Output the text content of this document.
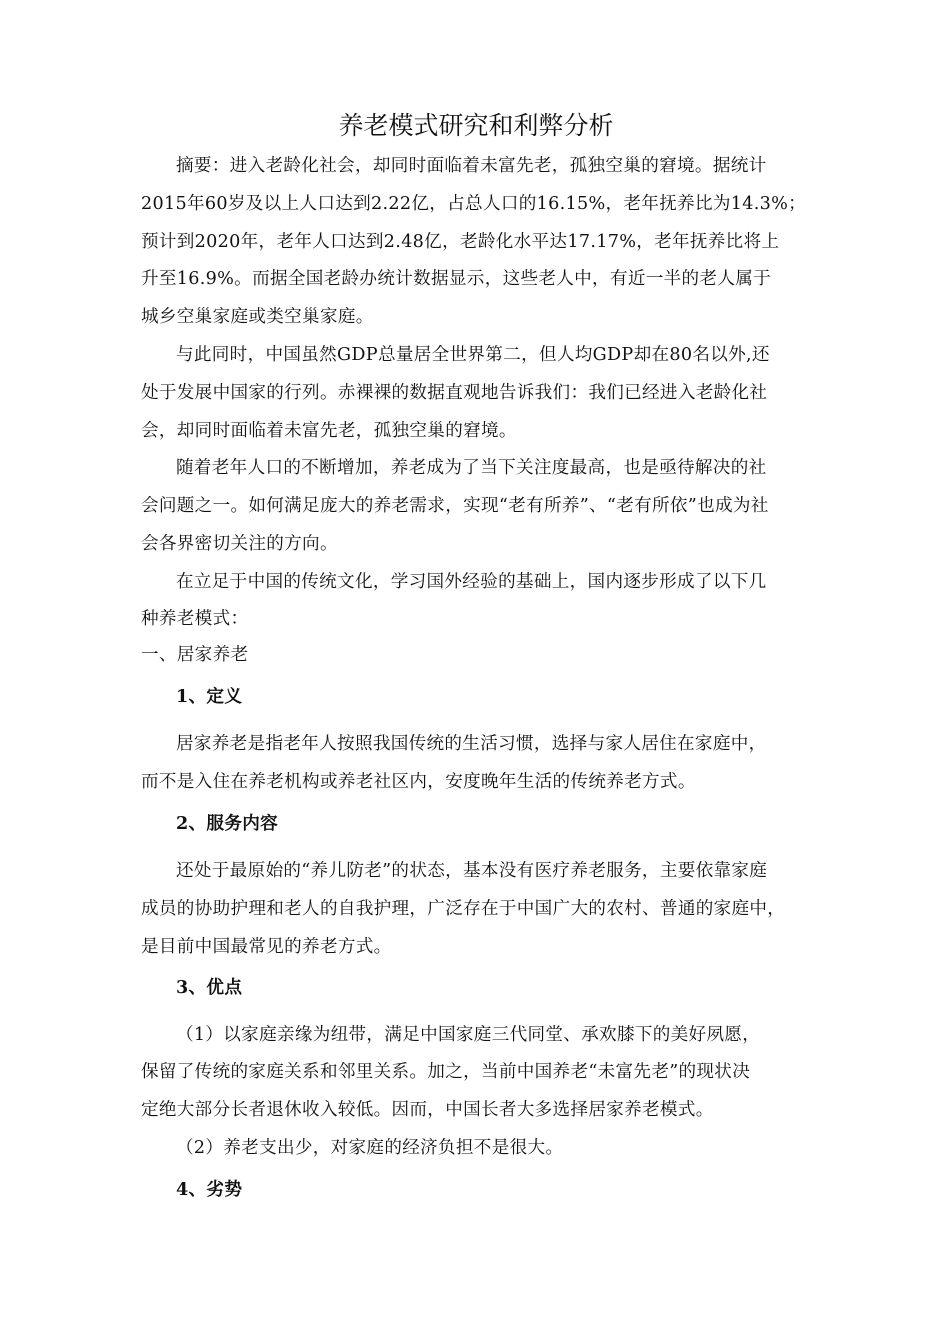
养老模式研究和利弊分析

摘要：进入老龄化社会，却同时面临着未富先老，孤独空巢的窘境。据统计

2015年60岁及以上人口达到2.22亿，占总人口的16.15%，老年抚养比为14.3%；

预计到2020年，老年人口达到2.48亿，老龄化水平达17.17%，老年抚养比将上

升至16.9%。而据全国老龄办统计数据显示，这些老人中，有近一半的老人属于

城乡空巢家庭或类空巢家庭。

与此同时，中国虽然GDP总量居全世界第二，但人均GDP却在80名以外,还

处于发展中国家的行列。赤裸裸的数据直观地告诉我们：我们已经进入老龄化社

会，却同时面临着未富先老，孤独空巢的窘境。

随着老年人口的不断增加，养老成为了当下关注度最高，也是亟待解决的社

会问题之一。如何满足庞大的养老需求，实现“老有所养”、“老有所依”也成为社

会各界密切关注的方向。

在立足于中国的传统文化，学习国外经验的基础上，国内逐步形成了以下几

种养老模式：

一、居家养老

1、定义

居家养老是指老年人按照我国传统的生活习惯，选择与家人居住在家庭中，

而不是入住在养老机构或养老社区内，安度晚年生活的传统养老方式。

2、服务内容

还处于最原始的“养儿防老”的状态，基本没有医疗养老服务，主要依靠家庭

成员的协助护理和老人的自我护理，广泛存在于中国广大的农村、普通的家庭中，

是目前中国最常见的养老方式。

3、优点

（1）以家庭亲缘为纽带，满足中国家庭三代同堂、承欢膝下的美好夙愿，

保留了传统的家庭关系和邻里关系。加之，当前中国养老“未富先老”的现状决

定绝大部分长者退休收入较低。因而，中国长者大多选择居家养老模式。

（2）养老支出少，对家庭的经济负担不是很大。

4、劣势
